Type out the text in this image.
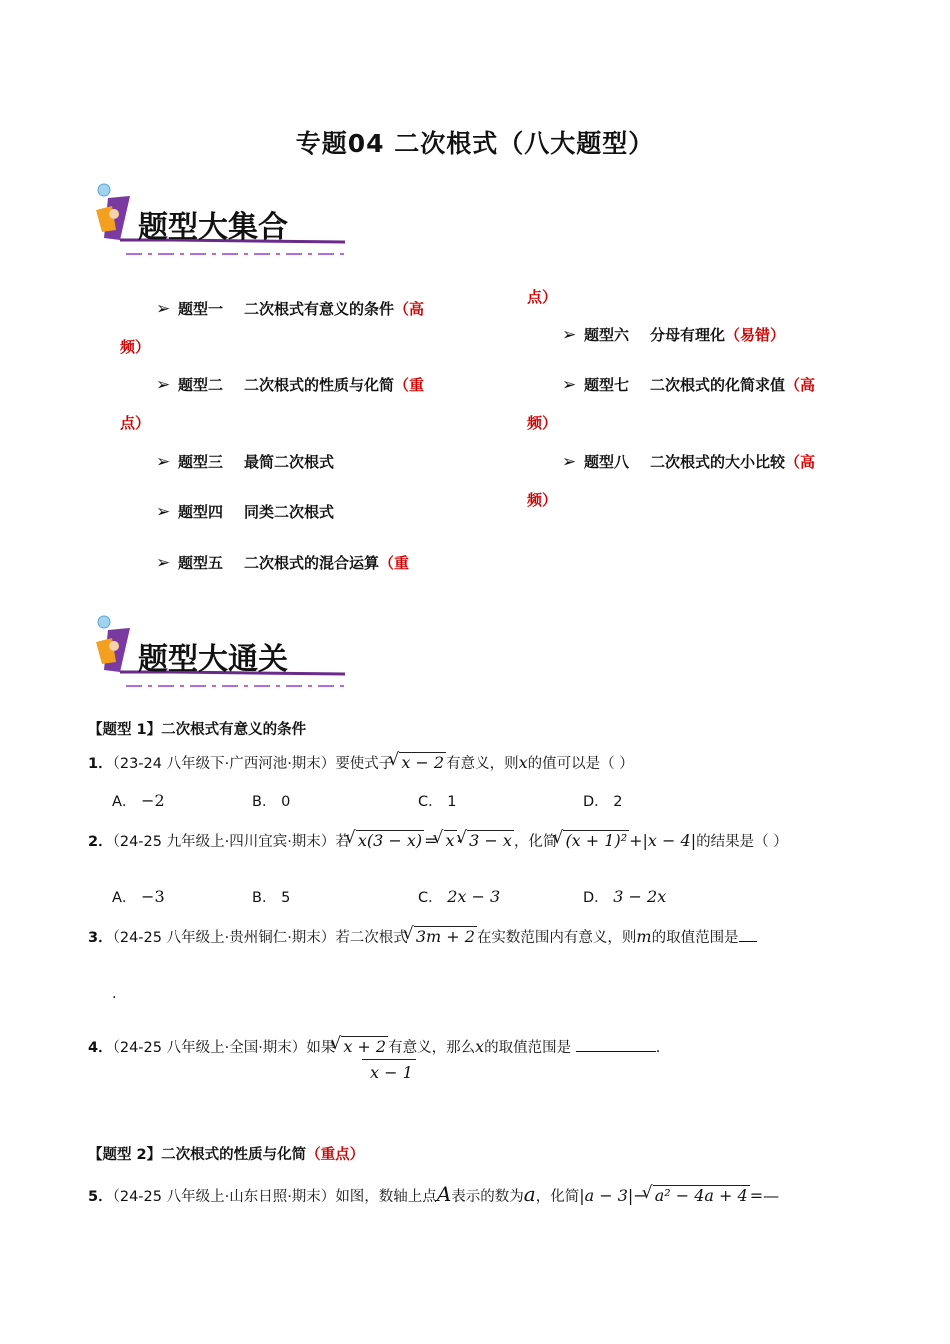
专题04 二次根式（八大题型）
题型大集合
➢ 题型一 二次根式有意义的条件（高
频）
➢ 题型二 二次根式的性质与化简（重
点）
➢ 题型三 最简二次根式
➢ 题型四 同类二次根式
➢ 题型五 二次根式的混合运算（重
点）
➢ 题型六 分母有理化（易错）
➢ 题型七 二次根式的化简求值（高
频）
➢ 题型八 二次根式的大小比较（高
频）
题型大通关
【题型 1】二次根式有意义的条件
1．（23-24 八年级下·广西河池·期末）要使式子 √ x − 2 有意义，则x的值可以是（ ）
A． −2	B． 0	C． 1	D． 2
2．（24-25 九年级上·四川宜宾·期末）若 √ x(3 − x) = √ x · √ 3 − x ，化简 √ (x + 1)² +|x − 4|的结果是（ ）
A． −3	B． 5	C． 2x − 3	D． 3 − 2x
3．（24-25 八年级上·贵州铜仁·期末）若二次根式 √ 3m + 2 在实数范围内有意义，则m的取值范围是
.
4．（24-25 八年级上·全国·期末）如果 √ x + 2 有意义，那么x的取值范围是	.
x − 1
【题型 2】二次根式的性质与化简（重点）
5．（24-25 八年级上·山东日照·期末）如图，数轴上点A表示的数为a，化简|a − 3|− √ a² − 4a + 4 =—
